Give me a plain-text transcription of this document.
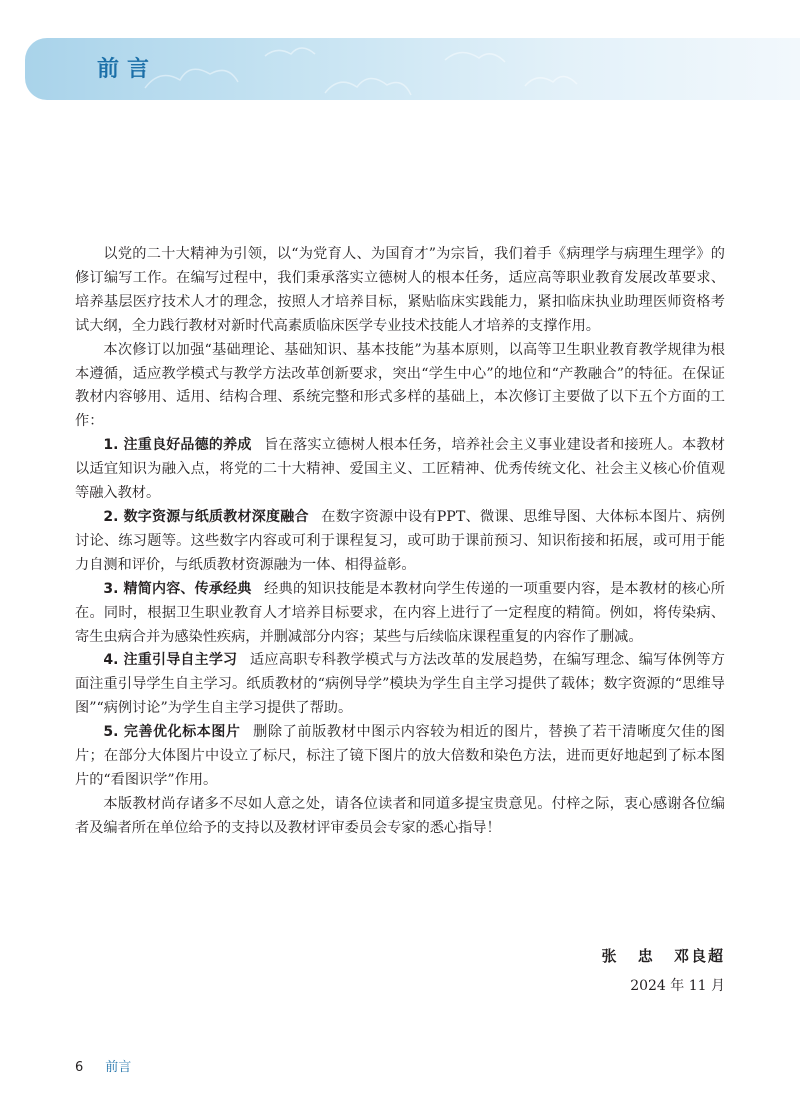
前言

以党的二十大精神为引领，以“为党育人、为国育才”为宗旨，我们着手《病理学与病理生理学》的修订编写工作。在编写过程中，我们秉承落实立德树人的根本任务，适应高等职业教育发展改革要求、培养基层医疗技术人才的理念，按照人才培养目标，紧贴临床实践能力，紧扣临床执业助理医师资格考试大纲，全力践行教材对新时代高素质临床医学专业技术技能人才培养的支撑作用。

本次修订以加强“基础理论、基础知识、基本技能”为基本原则，以高等卫生职业教育教学规律为根本遵循，适应教学模式与教学方法改革创新要求，突出“学生中心”的地位和“产教融合”的特征。在保证教材内容够用、适用、结构合理、系统完整和形式多样的基础上，本次修订主要做了以下五个方面的工作：

1. 注重良好品德的养成 旨在落实立德树人根本任务，培养社会主义事业建设者和接班人。本教材以适宜知识为融入点，将党的二十大精神、爱国主义、工匠精神、优秀传统文化、社会主义核心价值观等融入教材。

2. 数字资源与纸质教材深度融合 在数字资源中设有PPT、微课、思维导图、大体标本图片、病例讨论、练习题等。这些数字内容或可利于课程复习，或可助于课前预习、知识衔接和拓展，或可用于能力自测和评价，与纸质教材资源融为一体、相得益彰。

3. 精简内容、传承经典 经典的知识技能是本教材向学生传递的一项重要内容，是本教材的核心所在。同时，根据卫生职业教育人才培养目标要求，在内容上进行了一定程度的精简。例如，将传染病、寄生虫病合并为感染性疾病，并删减部分内容；某些与后续临床课程重复的内容作了删减。

4. 注重引导自主学习 适应高职专科教学模式与方法改革的发展趋势，在编写理念、编写体例等方面注重引导学生自主学习。纸质教材的“病例导学”模块为学生自主学习提供了载体；数字资源的“思维导图”“病例讨论”为学生自主学习提供了帮助。

5. 完善优化标本图片 删除了前版教材中图示内容较为相近的图片，替换了若干清晰度欠佳的图片；在部分大体图片中设立了标尺，标注了镜下图片的放大倍数和染色方法，进而更好地起到了标本图片的“看图识学”作用。

本版教材尚存诸多不尽如人意之处，请各位读者和同道多提宝贵意见。付梓之际，衷心感谢各位编者及编者所在单位给予的支持以及教材评审委员会专家的悉心指导！

张 忠 邓良超
2024 年 11 月
6 前言
